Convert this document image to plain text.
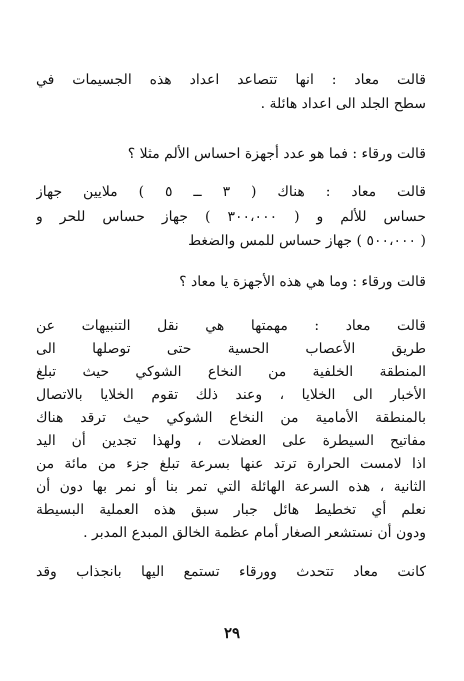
قالت معاد : انها تتصاعد اعداد هذه الجسيمات في
سطح الجلد الى اعداد هائلة .
قالت ورقاء : فما هو عدد أجهزة احساس الألم مثلا ؟
قالت معاد : هناك ( ٣ ــ ٥ ) ملايين جهاز
حساس للألم و ( ٣٠٠،٠٠٠ ) جهاز حساس للحر و
( ٥٠٠،٠٠٠ ) جهاز حساس للمس والضغط
قالت ورقاء : وما هي هذه الأجهزة يا معاد ؟
قالت معاد : مهمتها هي نقل التنبيهات عن
طريق الأعصاب الحسية حتى توصلها الى
المنطقة الخلفية من النخاع الشوكي حيث تبلغ
الأخبار الى الخلايا ، وعند ذلك تقوم الخلايا بالاتصال
بالمنطقة الأمامية من النخاع الشوكي حيث ترقد هناك
مفاتيح السيطرة على العضلات ، ولهذا تجدين أن اليد
اذا لامست الحرارة ترتد عنها بسرعة تبلغ جزء من مائة من
الثانية ، هذه السرعة الهائلة التي تمر بنا أو نمر بها دون أن
نعلم أي تخطيط هائل جبار سبق هذه العملية البسيطة
ودون أن نستشعر الصغار أمام عظمة الخالق المبدع المدبر .
كانت معاد تتحدث وورقاء تستمع اليها بانجذاب وقد
٢٩
